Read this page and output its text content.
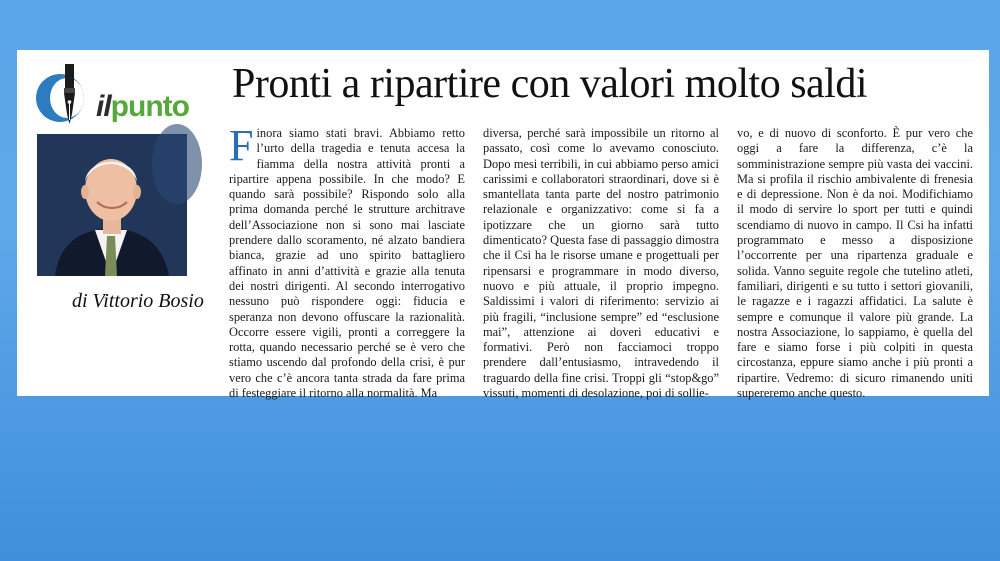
ilpunto
di Vittorio Bosio
Pronti a ripartire con valori molto saldi

Finora siamo stati bravi. Abbiamo retto l’urto della tragedia e tenuta accesa la fiamma della nostra attività pronti a ripartire appena possibile. In che modo? E quando sarà possibile? Rispondo solo alla prima domanda perché le strutture architrave dell’Associazione non si sono mai lasciate prendere dallo scoramento, né alzato bandiera bianca, grazie ad uno spirito battagliero affinato in anni d’attività e grazie alla tenuta dei nostri dirigenti. Al secondo interrogativo nessuno può rispondere oggi: fiducia e speranza non devono offuscare la razionalità. Occorre essere vigili, pronti a correggere la rotta, quando necessario perché se è vero che stiamo uscendo dal profondo della crisi, è pur vero che c’è ancora tanta strada da fare prima di festeggiare il ritorno alla normalità. Ma

diversa, perché sarà impossibile un ritorno al passato, così come lo avevamo conosciuto. Dopo mesi terribili, in cui abbiamo perso amici carissimi e collaboratori straordinari, dove si è smantellata tanta parte del nostro patrimonio relazionale e organizzativo: come si fa a ipotizzare che un giorno sarà tutto dimenticato? Questa fase di passaggio dimostra che il Csi ha le risorse umane e progettuali per ripensarsi e programmare in modo diverso, nuovo e più attuale, il proprio impegno. Saldissimi i valori di riferimento: servizio ai più fragili, “inclusione sempre” ed “esclusione mai”, attenzione ai doveri educativi e formativi. Però non facciamoci troppo prendere dall’entusiasmo, intravedendo il traguardo della fine crisi. Troppi gli “stop&go” vissuti, momenti di desolazione, poi di sollie-

vo, e di nuovo di sconforto. È pur vero che oggi a fare la differenza, c’è la somministrazione sempre più vasta dei vaccini. Ma si profila il rischio ambivalente di frenesia e di depressione. Non è da noi. Modifichiamo il modo di servire lo sport per tutti e quindi scendiamo di nuovo in campo. Il Csi ha infatti programmato e messo a disposizione l’occorrente per una ripartenza graduale e solida. Vanno seguite regole che tutelino atleti, familiari, dirigenti e su tutto i settori giovanili, le ragazze e i ragazzi affidatici. La salute è sempre e comunque il valore più grande. La nostra Associazione, lo sappiamo, è quella del fare e siamo forse i più colpiti in questa circostanza, eppure siamo anche i più pronti a ripartire. Vedremo: di sicuro rimanendo uniti supereremo anche questo.
